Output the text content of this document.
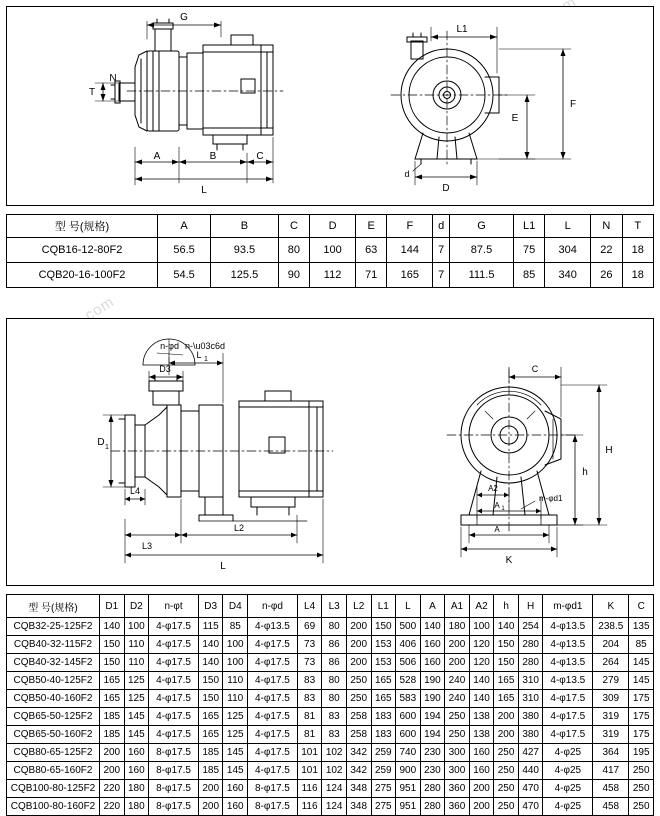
G
N
T
A	B	C
L
L1
F
E
D
d
型 号(规格)	A	B	C	D	E	F	d	G	L1	L	N	T
CQB16-12-80F2	56.5	93.5	80	100	63	144	7	87.5	75	304	22	18
CQB20-16-100F2	54.5	125.5	90	112	71	165	7	111.5	85	340	26	18
n-\u03c6d
n-φd
D 1
D3
L 1
L4
L3
L2
L
C
H
h
A2
A 1
A
K
m-φd1
型 号(规格)	D1	D2	n-φt	D3	D4	n-φd	L4	L3	L2	L1	L	A	A1	A2	h	H	m-φd1	K	C
CQB32-25-125F2	140	100	4-φ17.5	115	85	4-φ13.5	69	80	200	150	500	140	180	100	140	254	4-φ13.5	238.5	135
CQB40-32-115F2	150	110	4-φ17.5	140	100	4-φ17.5	73	86	200	153	406	160	200	120	150	280	4-φ13.5	204	85
CQB40-32-145F2	150	110	4-φ17.5	140	100	4-φ17.5	73	86	200	153	506	160	200	120	150	280	4-φ13.5	264	145
CQB50-40-125F2	165	125	4-φ17.5	150	110	4-φ17.5	83	80	250	165	528	190	240	140	165	310	4-φ13.5	279	145
CQB50-40-160F2	165	125	4-φ17.5	150	110	4-φ17.5	83	80	250	165	583	190	240	140	165	310	4-φ17.5	309	175
CQB65-50-125F2	185	145	4-φ17.5	165	125	4-φ17.5	81	83	258	183	600	194	250	138	200	380	4-φ17.5	319	175
CQB65-50-160F2	185	145	4-φ17.5	165	125	4-φ17.5	81	83	258	183	600	194	250	138	200	380	4-φ17.5	319	175
CQB80-65-125F2	200	160	8-φ17.5	185	145	4-φ17.5	101	102	342	259	740	230	300	160	250	427	4-φ25	364	195
CQB80-65-160F2	200	160	8-φ17.5	185	145	4-φ17.5	101	102	342	259	900	230	300	160	250	440	4-φ25	417	250
CQB100-80-125F2	220	180	8-φ17.5	200	160	8-φ17.5	116	124	348	275	951	280	360	200	250	470	4-φ25	458	250
CQB100-80-160F2	220	180	8-φ17.5	200	160	8-φ17.5	116	124	348	275	951	280	360	200	250	470	4-φ25	458	250
